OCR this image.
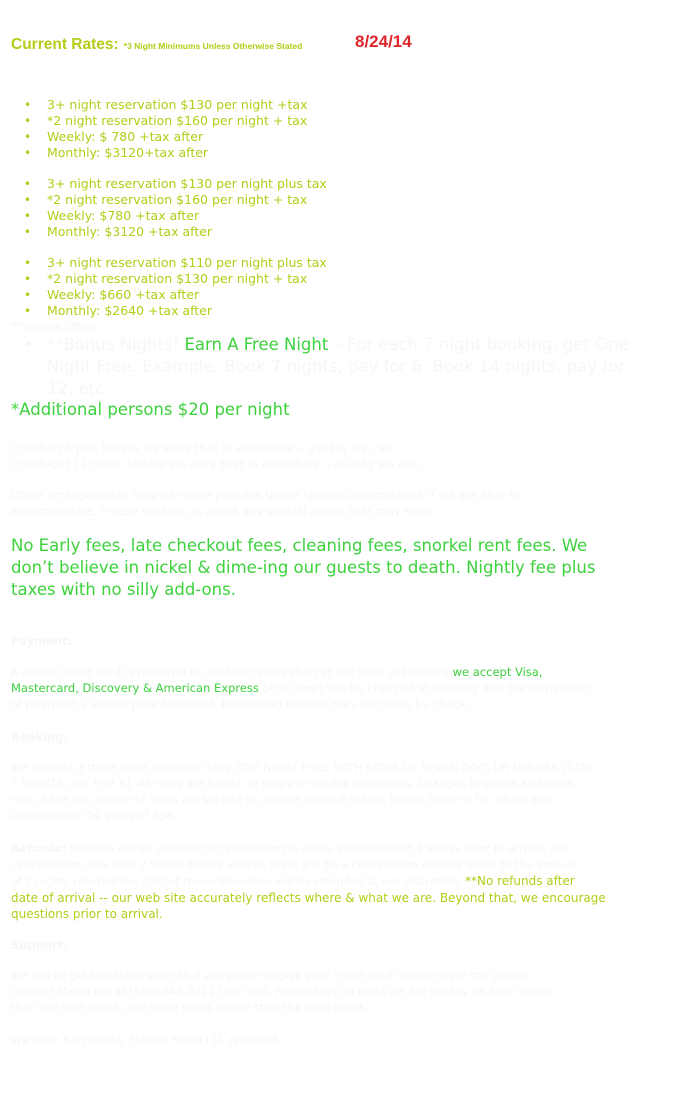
Current Rates: *3 Night Minimums Unless Otherwise Stated	8/24/14
• 3+ night reservation $130 per night +tax
• *2 night reservation $160 per night + tax
• Weekly: $ 780 +tax after
• Monthly: $3120+tax after
• 3+ night reservation $130 per night plus tax
• *2 night reservation $160 per night + tax
• Weekly: $780 +tax after
• Monthly: $3120 +tax after
• 3+ night reservation $110 per night plus tax
• *2 night reservation $130 per night + tax
• Weekly: $660 +tax after
• Monthly: $2640 +tax after
**Special Offers
• **Bonus Nights! Earn A Free Night – For each 7 night booking, get One
Night Free. Example: Book 7 nights, pay for 6. Book 14 nights, pay for
12, etc.
*Additional persons $20 per night
Check-in 3 pm. Unless we work that in elsewhere – usually we can.
Check-out 11 noon. Unless we work that in elsewhere – usually we can.
Other arrangements may be made possible under special circumstance if we are able to
accommodate. Please contact us about any special needs that may exist.
No Early fees, late checkout fees, cleaning fees, snorkel rent fees. We
don’t believe in nickel & dime-ing our guests to death. Nightly fee plus
taxes with no silly add-ons.
Payment:
A major credit card is required to confirm reservation at the time of booking;we accept Visa,
Mastercard, Discovery & American Express 50% down will be charged at booking and the remainder
of payment 2 weeks prior to arrival. Remaining deposit may be made by check.
Booking:
We request a three night minimum stay. ONE NIGHT FREE WITH STAYS OF SEVEN DAYS OR LONGER (STAY
7 NIGHTS, PAY FOR 6). All rates are based on single or double occupancy. Changes to prices and rates
may, have not, notice of them are subject to change without notice. Hands Dolce is for adults and
children over 14 years of age.
Refunds: Refunds will be provided if cancellation is made a minimum of 2 weeks prior to arrival. For
cancellations less than 2 weeks before arrival, there will be a cancellation penalty equal to the amount
of 2 nights reservation, cost of reservation fees will be refunded at our discretion. **No refunds after
date of arrival -- our web site accurately reflects where & what we are. Beyond that, we encourage
questions prior to arrival.
Support:
We will be glad to assist you call if you prefer to give your credit card number over the phone.
Contact Marco Jon at (555) 543-2211 (our cell). Please keep in mind we are usually an hour earlier
than the east coast, and three hours earlier than the west coast.
We offer Barracuda, Hawaii State I.D. required...
